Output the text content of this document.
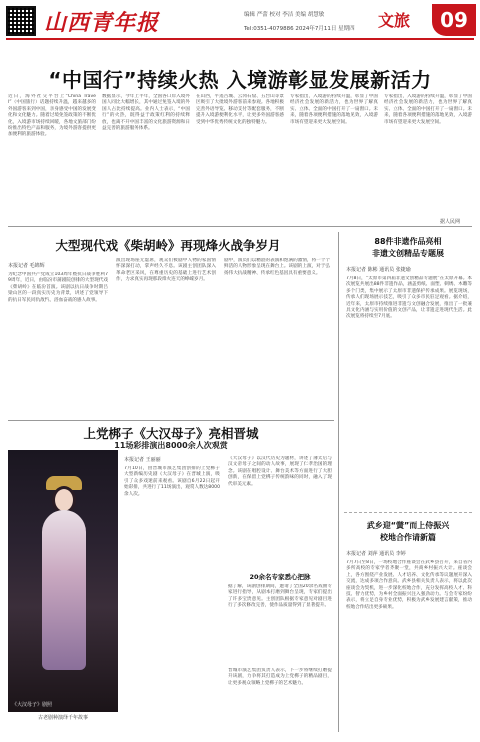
山西青年报	编辑 严蕾 校对 李洁 美编 胡慧敏
Tel:0351-4079886 2024年7月11日 星期四 文旅	09
“中国行”持续火热 入境游彰显发展新活力
近日，海外社交平台上“China Travel”（中国旅行）话题持续升温，越来越多的外国游客来到中国，亲身感受中国的发展变化和文化魅力。随着过境免签政策的不断优化，入境游市场持续回暖，各地文旅部门纷纷推出特色产品和服务，为境外游客提供更加便利的旅游体验。
数据显示，今年上半年，全国各口岸入境外国人同比大幅增长，其中通过免签入境的外国人占比持续提高。业内人士表示，“中国行”的火热，既得益于政策红利的持续释放，也离不开中国丰富的文化旅游资源和日益完善的旅游服务体系。
在山西，平遥古城、云冈石窟、五台山等景区吸引了大批境外游客前来参观。各地积极完善外语导览、移动支付等配套服务，不断提升入境游便利化水平，让更多外国游客感受到中华优秀传统文化的独特魅力。
专家指出，入境游的持续升温，彰显了中国经济社会发展的新活力，也为世界了解真实、立体、全面的中国打开了一扇窗口。未来，随着各项便利措施的落地见效，入境游市场有望迎来更大发展空间。
专家指出，入境游的持续升温，彰显了中国经济社会发展的新活力，也为世界了解真实、立体、全面的中国打开了一扇窗口。未来，随着各项便利措施的落地见效，入境游市场有望迎来更大发展空间。
据人民网
大型现代戏《柴胡岭》再现烽火战争岁月
本报记者 毛锦辉
为纪念中国共产党成立103周年暨抗日战争胜利79周年，近日，由临汾市蒲剧院创排的大型现代戏《柴胡岭》在临汾首演。该剧以抗日战争时期吕梁山区的一段真实历史为背景，讲述了党领导下的抗日军民同仇敌忾、浴血奋战的感人故事。
演出现场座无虚席，观众们被剧中人物的家国情怀深深打动，掌声经久不息。该剧主创团队深入革命老区采风，在尊重历史的基础上进行艺术创作，力求真实再现那段烽火连天的峥嵘岁月。
剧中，演员们以精湛的表演和饱满的激情，将一个个鲜活的人物形象呈现在舞台上。该剧的上演，对于弘扬伟大抗战精神、传承红色基因具有重要意义。
88件非遗作品亮相
非遗文创精品专题展
本报记者 陈彬 通讯员 张捷瑜
7月8日，“太原市第四届非遗文创精品专题展”在太原开幕。本次展览共展出88件非遗作品，涵盖剪纸、面塑、刺绣、木雕等多个门类，集中展示了太原市非遗保护传承成果。展览现场，传承人们现场展示技艺，吸引了众多市民驻足观看。据介绍，近年来，太原市持续推进非遗与文创融合发展，推出了一批兼具文化内涵与实用价值的文创产品，让非遗走进现代生活。此次展览将持续至7月底。
上党梆子《大汉母子》亮相晋城
11场彩排演出8000余人次观赏
《大汉母子》剧照
古老剧种演绎千年故事
本报记者 王丽丽
7月10日，由晋城市演艺集团创排的上党梆子大型新编历史剧《大汉母子》在晋城上演，吸引了众多戏迷前来观看。该剧自6月22日起开始彩排，共进行了11场演出，观赏人数达8000余人次。
《大汉母子》以汉代历史为题材，讲述了薄太后与汉文帝母子之间的动人故事，展现了仁孝治国的理念。该剧在唱腔设计、舞台美术等方面进行了大胆创新，在保留上党梆子传统韵味的同时，融入了现代审美元素。
20余名专家悉心把脉
据了解，该剧创排期间，邀请了全国20余名戏曲专家进行指导，从剧本打磨到舞台呈现，专家们提出了许多宝贵意见。主创团队根据专家意见对剧目进行了多次修改完善，使作品质量得到了显著提升。
晋城市演艺集团负责人表示，下一步将继续打磨提升该剧，力争将其打造成为上党梆子的精品剧目，让更多观众领略上党梆子的艺术魅力。
武乡迎“黉”而上侍振兴
校地合作请新篇
本报记者 刘萍 通讯员 李婷
7月7日至8日，一场校地合作座谈会在武乡县召开，来自省内多所高校的专家学者齐聚一堂，共商乡村振兴大计。座谈会上，各方围绕产业发展、人才培养、文化传承等议题展开深入交流，达成多项合作意向。武乡县相关负责人表示，将以此次座谈会为契机，进一步深化校地合作，充分发挥高校人才、科技、智力优势，为乡村全面振兴注入强劲动力。与会专家纷纷表示，将立足自身专业优势，积极为武乡发展建言献策，推动校地合作结出更多硕果。
